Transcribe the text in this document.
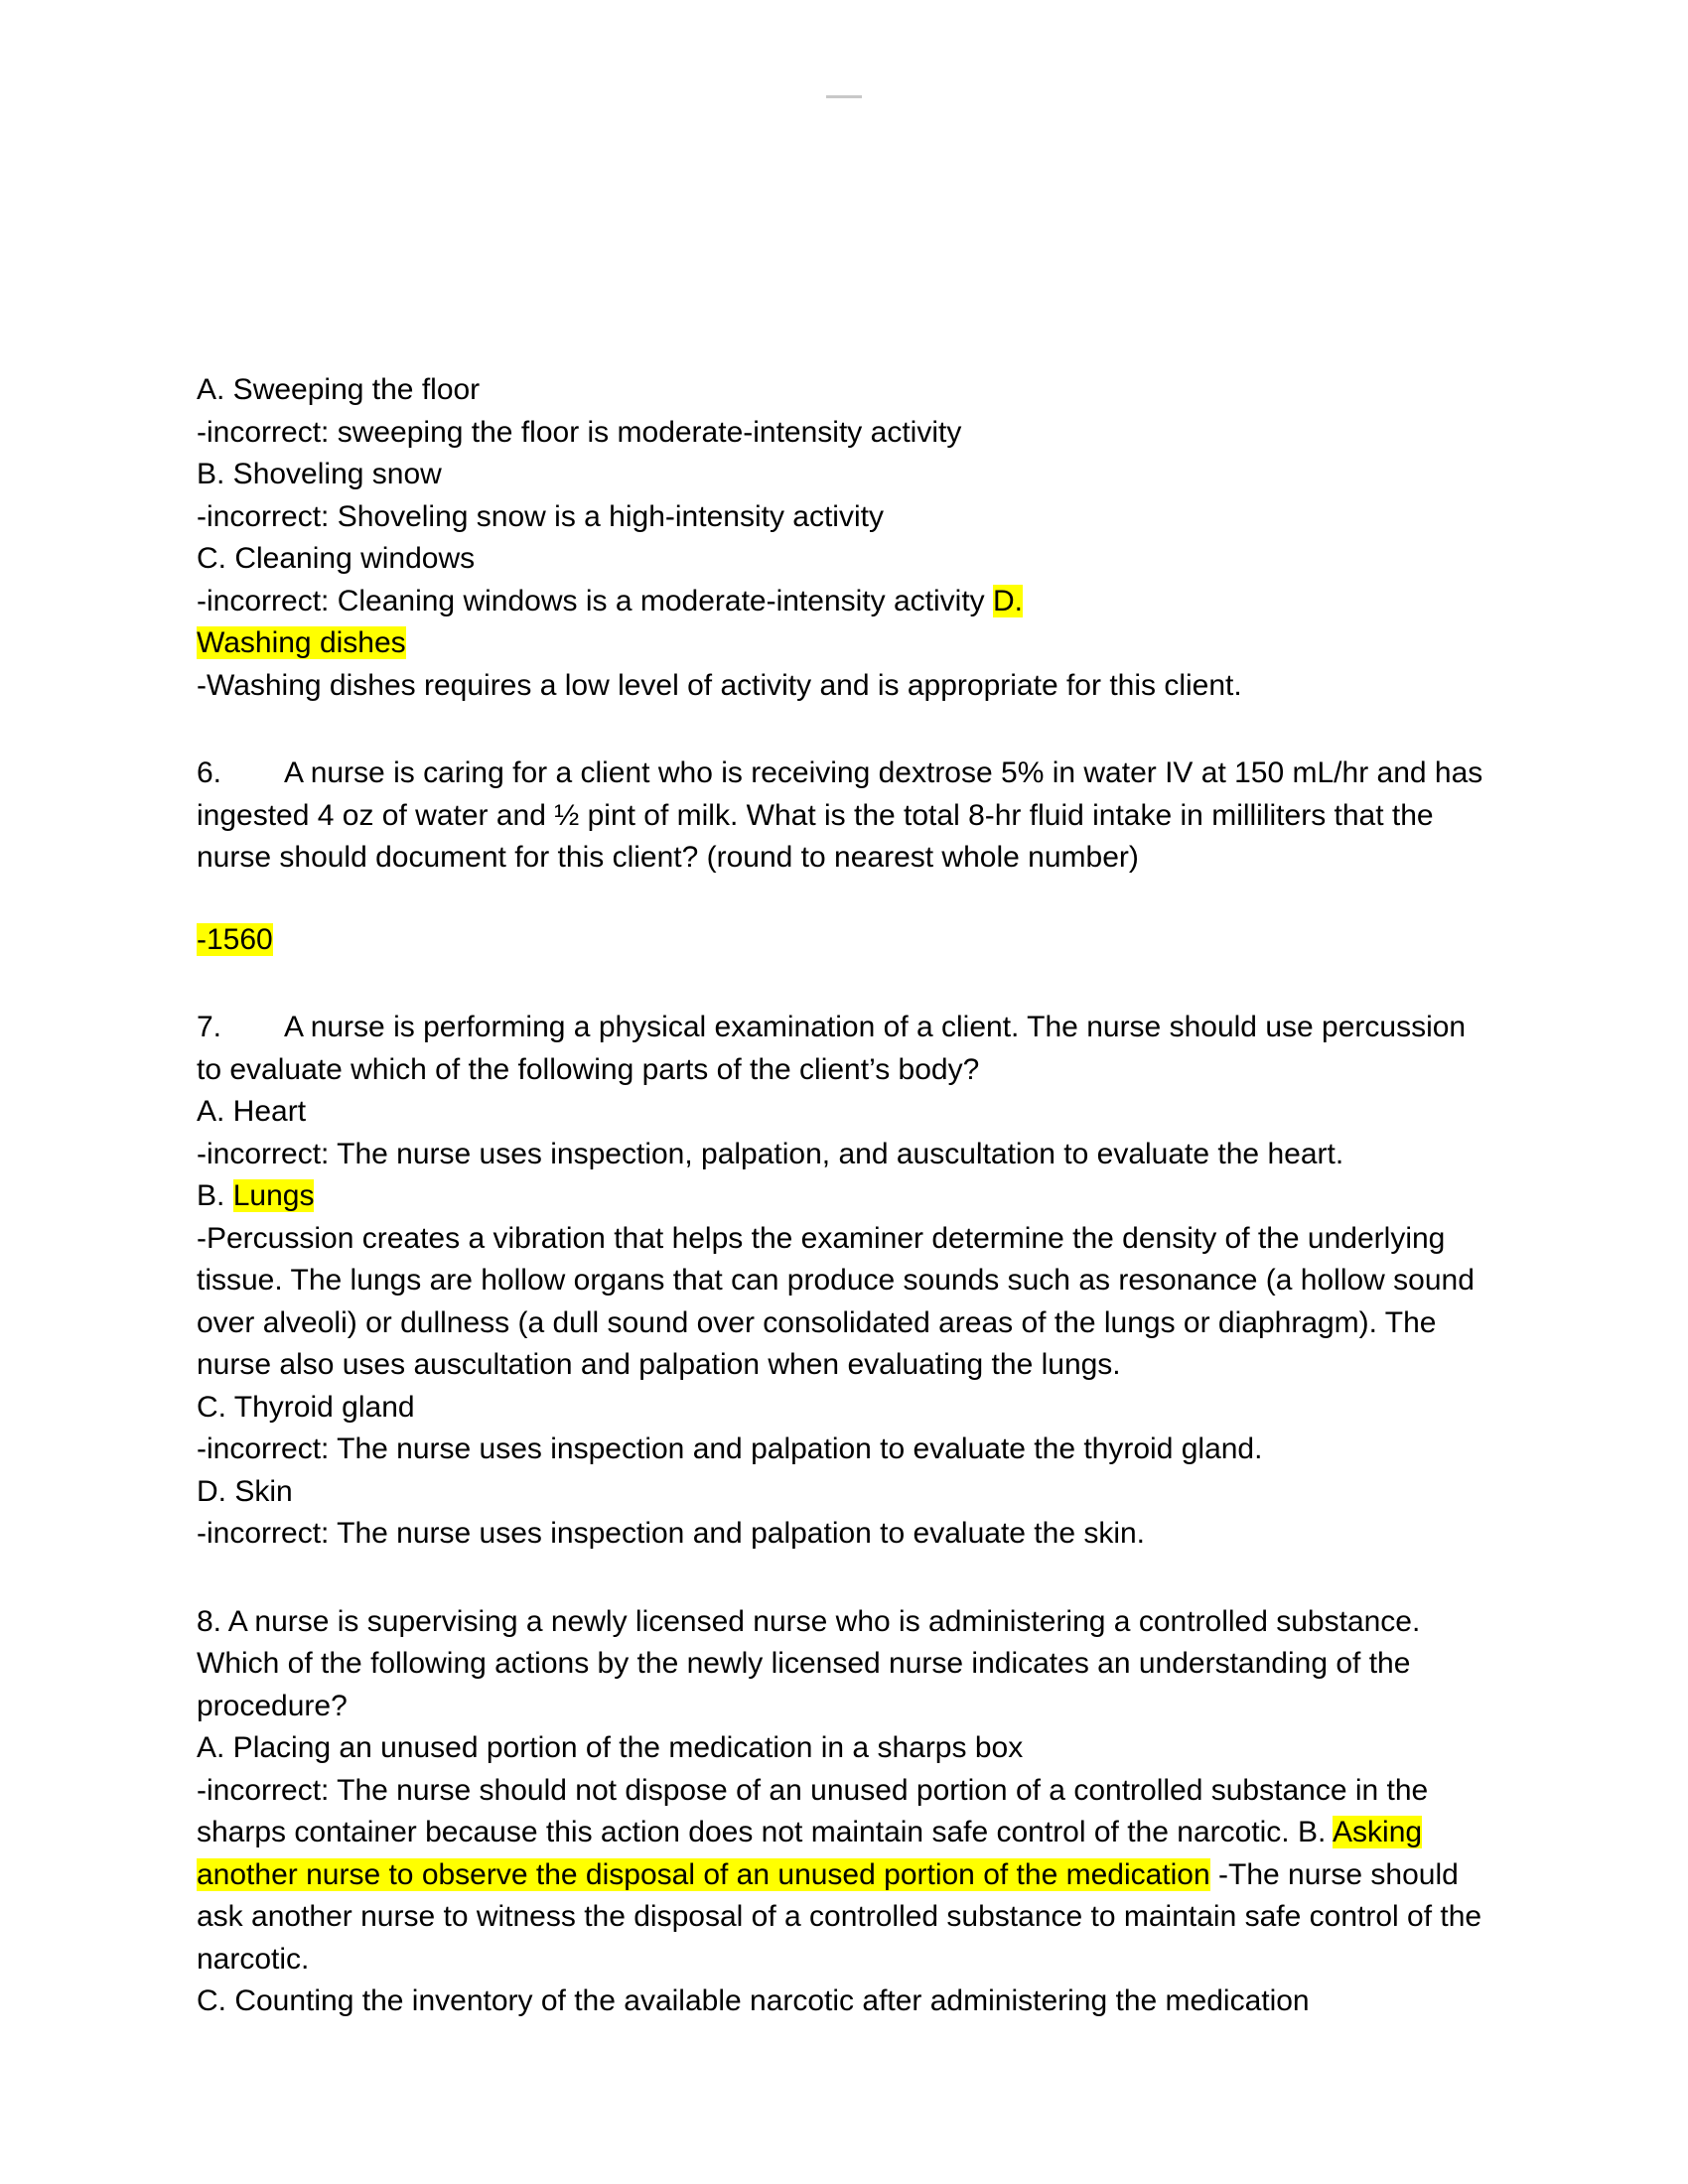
A. Sweeping the floor
-incorrect: sweeping the floor is moderate-intensity activity
B. Shoveling snow
-incorrect: Shoveling snow is a high-intensity activity
C. Cleaning windows
-incorrect: Cleaning windows is a moderate-intensity activity D.
Washing dishes
-Washing dishes requires a low level of activity and is appropriate for this client.
6. A nurse is caring for a client who is receiving dextrose 5% in water IV at 150 mL/hr and has ingested 4 oz of water and ½ pint of milk. What is the total 8-hr fluid intake in milliliters that the nurse should document for this client? (round to nearest whole number)
-1560
7. A nurse is performing a physical examination of a client. The nurse should use percussion to evaluate which of the following parts of the client’s body?
A. Heart
-incorrect: The nurse uses inspection, palpation, and auscultation to evaluate the heart.
B. Lungs
-Percussion creates a vibration that helps the examiner determine the density of the underlying tissue. The lungs are hollow organs that can produce sounds such as resonance (a hollow sound over alveoli) or dullness (a dull sound over consolidated areas of the lungs or diaphragm). The nurse also uses auscultation and palpation when evaluating the lungs.
C. Thyroid gland
-incorrect: The nurse uses inspection and palpation to evaluate the thyroid gland.
D. Skin
-incorrect: The nurse uses inspection and palpation to evaluate the skin.
8. A nurse is supervising a newly licensed nurse who is administering a controlled substance. Which of the following actions by the newly licensed nurse indicates an understanding of the procedure?
A. Placing an unused portion of the medication in a sharps box
-incorrect: The nurse should not dispose of an unused portion of a controlled substance in the sharps container because this action does not maintain safe control of the narcotic. B. Asking another nurse to observe the disposal of an unused portion of the medication -The nurse should ask another nurse to witness the disposal of a controlled substance to maintain safe control of the narcotic.
C. Counting the inventory of the available narcotic after administering the medication
